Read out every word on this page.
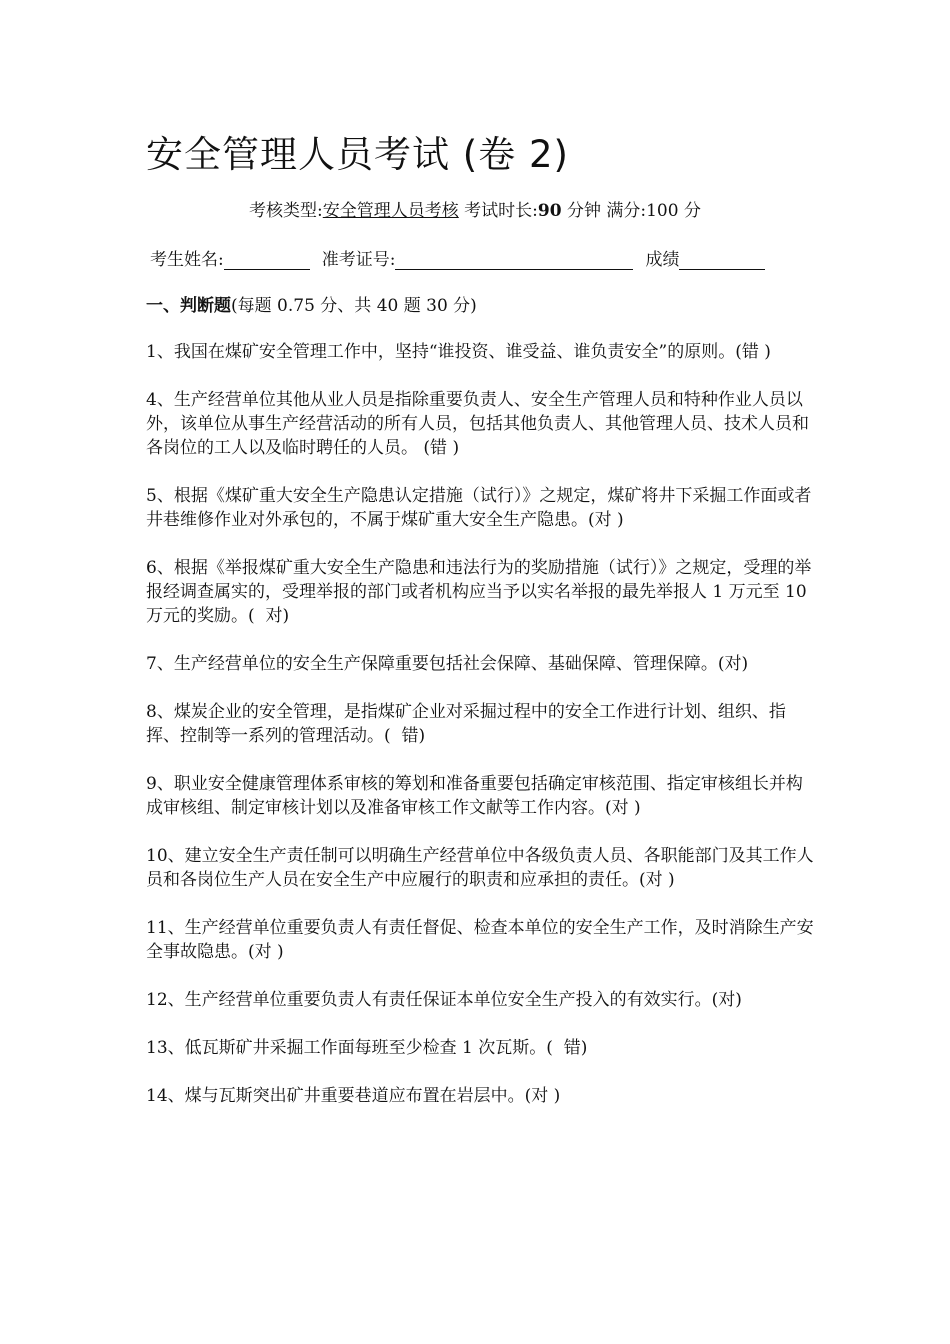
安全管理人员考试 (卷 2)
考核类型:安全管理人员考核 考试时长:90 分钟 满分:100 分
考生姓名:	准考证号:	成绩
一、判断题(每题 0.75 分、共 40 题 30 分)

1、我国在煤矿安全管理工作中，坚持“谁投资、谁受益、谁负责安全”的原则。(错 )

4、生产经营单位其他从业人员是指除重要负责人、安全生产管理人员和特种作业人员以外，该单位从事生产经营活动的所有人员，包括其他负责人、其他管理人员、技术人员和各岗位的工人以及临时聘任的人员。 (错 )

5、根据《煤矿重大安全生产隐患认定措施（试行）》之规定，煤矿将井下采掘工作面或者井巷维修作业对外承包的，不属于煤矿重大安全生产隐患。(对 )

6、根据《举报煤矿重大安全生产隐患和违法行为的奖励措施（试行）》之规定，受理的举报经调查属实的，受理举报的部门或者机构应当予以实名举报的最先举报人 1 万元至 10 万元的奖励。(  对)

7、生产经营单位的安全生产保障重要包括社会保障、基础保障、管理保障。(对)

8、煤炭企业的安全管理，是指煤矿企业对采掘过程中的安全工作进行计划、组织、指挥、控制等一系列的管理活动。(  错)

9、职业安全健康管理体系审核的筹划和准备重要包括确定审核范围、指定审核组长并构成审核组、制定审核计划以及准备审核工作文献等工作内容。(对 )

10、建立安全生产责任制可以明确生产经营单位中各级负责人员、各职能部门及其工作人员和各岗位生产人员在安全生产中应履行的职责和应承担的责任。(对 )

11、生产经营单位重要负责人有责任督促、检查本单位的安全生产工作，及时消除生产安全事故隐患。(对 )

12、生产经营单位重要负责人有责任保证本单位安全生产投入的有效实行。(对)

13、低瓦斯矿井采掘工作面每班至少检查 1 次瓦斯。(  错)

14、煤与瓦斯突出矿井重要巷道应布置在岩层中。(对 )
